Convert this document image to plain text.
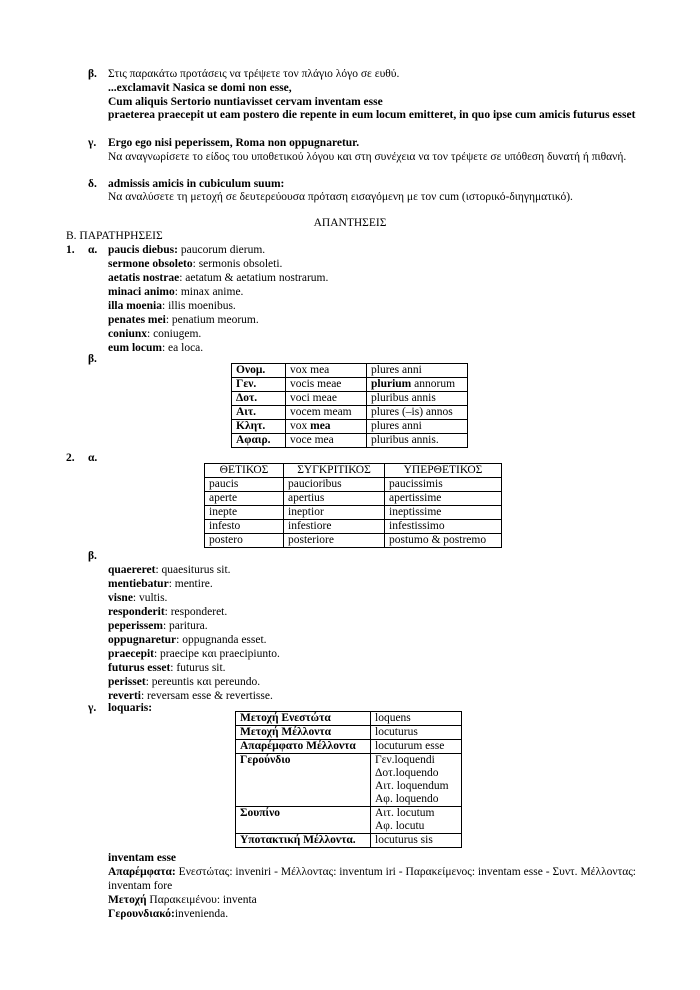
β. Στις παρακάτω προτάσεις να τρέψετε τον πλάγιο λόγο σε ευθύ.
...exclamavit Nasica se domi non esse,
Cum aliquis Sertorio nuntiavisset cervam inventam esse
praeterea praecepit ut eam postero die repente in eum locum emitteret, in quo ipse cum amicis futurus esset
γ. Ergo ego nisi peperissem, Roma non oppugnaretur.
Να αναγνωρίσετε το είδος του υποθετικού λόγου και στη συνέχεια να τον τρέψετε σε υπόθεση δυνατή ή πιθανή.
δ. admissis amicis in cubiculum suum:
Να αναλύσετε τη μετοχή σε δευτερεύουσα πρόταση εισαγόμενη με τον cum (ιστορικό-διηγηματικό).
ΑΠΑΝΤΗΣΕΙΣ
Β. ΠΑΡΑΤΗΡΗΣΕΙΣ
1. α. paucis diebus: paucorum dierum.
sermone obsoleto: sermonis obsoleti.
aetatis nostrae: aetatum & aetatium nostrarum.
minaci animo: minax anime.
illa moenia: illis moenibus.
penates mei: penatium meorum.
coniunx: coniugem.
eum locum: ea loca.
β.
Ονομ.	vox mea	plures anni
Γεν.	vocis meae	plurium annorum
Δοτ.	voci meae	pluribus annis
Αιτ.	vocem meam	plures (–is) annos
Κλητ.	vox mea	plures anni
Αφαιρ.	voce mea	pluribus annis.
2. α.
ΘΕΤΙΚΟΣ	ΣΥΓΚΡΙΤΙΚΟΣ	ΥΠΕΡΘΕΤΙΚΟΣ
paucis	paucioribus	paucissimis
aperte	apertius	apertissime
inepte	ineptior	ineptissime
infesto	infestiore	infestissimo
postero	posteriore	postumo & postremo
β.
quaereret: quaesiturus sit.
mentiebatur: mentire.
visne: vultis.
responderit: responderet.
peperissem: paritura.
oppugnaretur: oppugnanda esset.
praecepit: praecipe και praecipiunto.
futurus esset: futurus sit.
perisset: pereuntis και pereundo.
reverti: reversam esse & revertisse.
γ. loquaris:
Μετοχή Ενεστώτα	loquens

Μετοχή Μέλλοντα	locuturus

Απαρέμφατο Μέλλοντα	locuturum esse

Γερούνδιο	Γεν.loquendi
Δοτ.loquendo
Αιτ. loquendum
Αφ. loquendo

Σουπίνο	Αιτ. locutum
Αφ. locutu

Υποτακτική Μέλλοντα.	locuturus sis
inventam esse
Απαρέμφατα: Ενεστώτας: inveniri - Μέλλοντας: inventum iri - Παρακείμενος: inventam esse - Συντ. Μέλλοντας: inventam fore
Μετοχή Παρακειμένου: inventa
Γερουνδιακό:invenienda.
